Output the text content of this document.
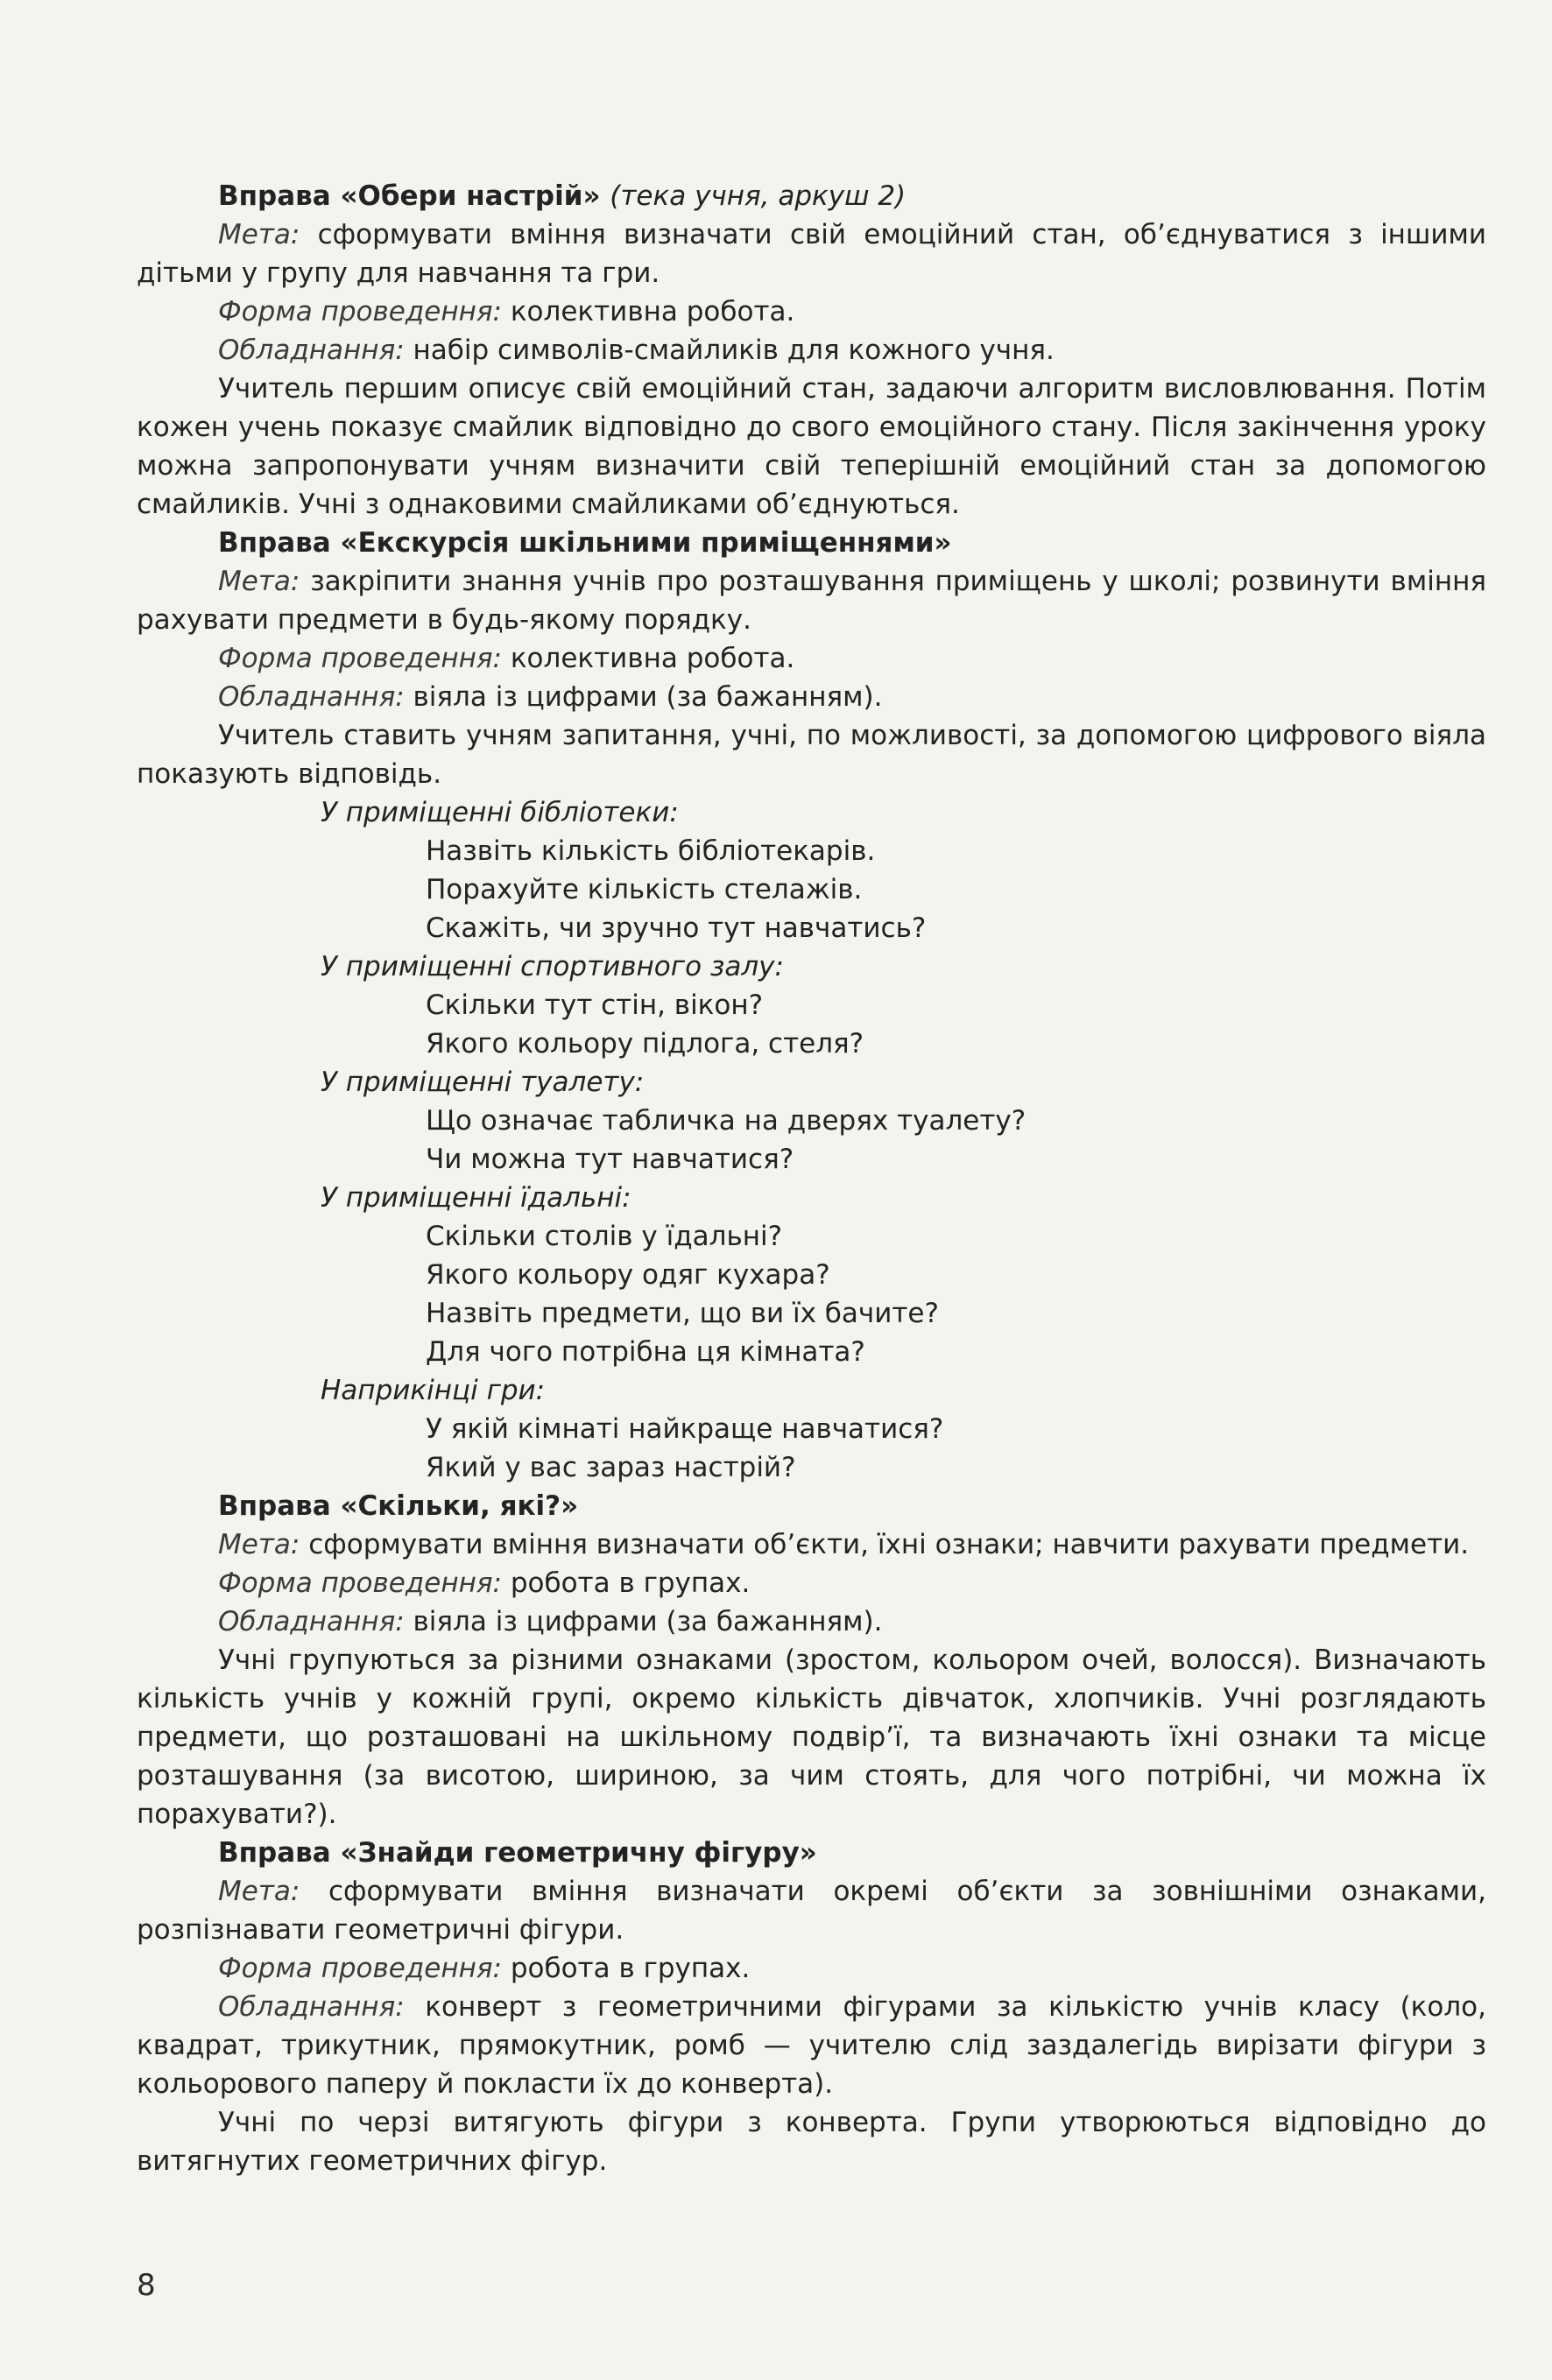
Вправа «Обери настрій» (тека учня, аркуш 2)

Мета: сформувати вміння визначати свій емоційний стан, об’єднуватися з іншими дітьми у групу для навчання та гри.

Форма проведення: колективна робота.

Обладнання: набір символів-смайликів для кожного учня.

Учитель першим описує свій емоційний стан, задаючи алгоритм висловлювання. Потім кожен учень показує смайлик відповідно до свого емоційного стану. Після закінчення уроку можна запропонувати учням визначити свій теперішній емоційний стан за допомогою смайликів. Учні з однаковими смайликами об’єднуються.

Вправа «Екскурсія шкільними приміщеннями»

Мета: закріпити знання учнів про розташування приміщень у школі; розвинути вміння рахувати предмети в будь-якому порядку.

Форма проведення: колективна робота.

Обладнання: віяла із цифрами (за бажанням).

Учитель ставить учням запитання, учні, по можливості, за допомогою цифрового віяла показують відповідь.

У приміщенні бібліотеки:

Назвіть кількість бібліотекарів.

Порахуйте кількість стелажів.

Скажіть, чи зручно тут навчатись?

У приміщенні спортивного залу:

Скільки тут стін, вікон?

Якого кольору підлога, стеля?

У приміщенні туалету:

Що означає табличка на дверях туалету?

Чи можна тут навчатися?

У приміщенні їдальні:

Скільки столів у їдальні?

Якого кольору одяг кухара?

Назвіть предмети, що ви їх бачите?

Для чого потрібна ця кімната?

Наприкінці гри:

У якій кімнаті найкраще навчатися?

Який у вас зараз настрій?

Вправа «Скільки, які?»

Мета: сформувати вміння визначати об’єкти, їхні ознаки; навчити рахувати предмети.

Форма проведення: робота в групах.

Обладнання: віяла із цифрами (за бажанням).

Учні групуються за різними ознаками (зростом, кольором очей, волосся). Визначають кількість учнів у кожній групі, окремо кількість дівчаток, хлопчиків. Учні розглядають предмети, що розташовані на шкільному подвір’ї, та визначають їхні ознаки та місце розташування (за висотою, шириною, за чим стоять, для чого потрібні, чи можна їх порахувати?).

Вправа «Знайди геометричну фігуру»

Мета: сформувати вміння визначати окремі об’єкти за зовнішніми ознаками, розпізнавати геометричні фігури.

Форма проведення: робота в групах.

Обладнання: конверт з геометричними фігурами за кількістю учнів класу (коло, квадрат, трикутник, прямокутник, ромб — учителю слід заздалегідь вирізати фігури з кольорового паперу й покласти їх до конверта).

Учні по черзі витягують фігури з конверта. Групи утворюються відповідно до витягнутих геометричних фігур.

8
